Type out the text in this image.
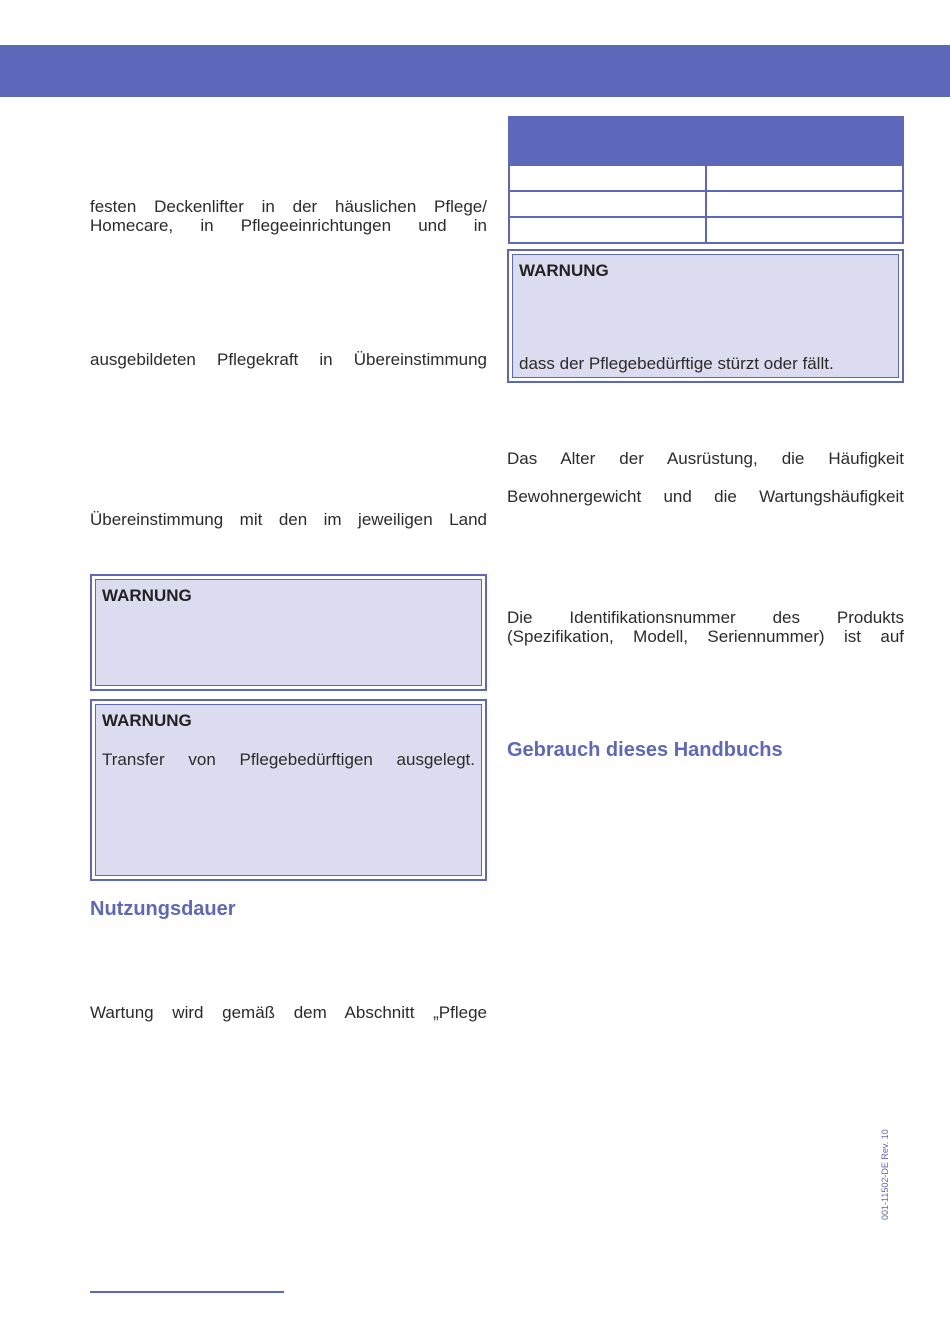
festen Deckenlifter in der häuslichen Pflege/

Homecare, in Pflegeeinrichtungen und in

ausgebildeten Pflegekraft in Übereinstimmung

Übereinstimmung mit den im jeweiligen Land

WARNUNG
WARNUNG
Transfer von Pflegebedürftigen ausgelegt.
Nutzungsdauer

Wartung wird gemäß dem Abschnitt „Pflege

WARNUNG
dass der Pflegebedürftige stürzt oder fällt.

Das Alter der Ausrüstung, die Häufigkeit

Bewohnergewicht und die Wartungshäufigkeit

Die Identifikationsnummer des Produkts

(Spezifikation, Modell, Seriennummer) ist auf

Gebrauch dieses Handbuchs
001-11502-DE Rev. 10
